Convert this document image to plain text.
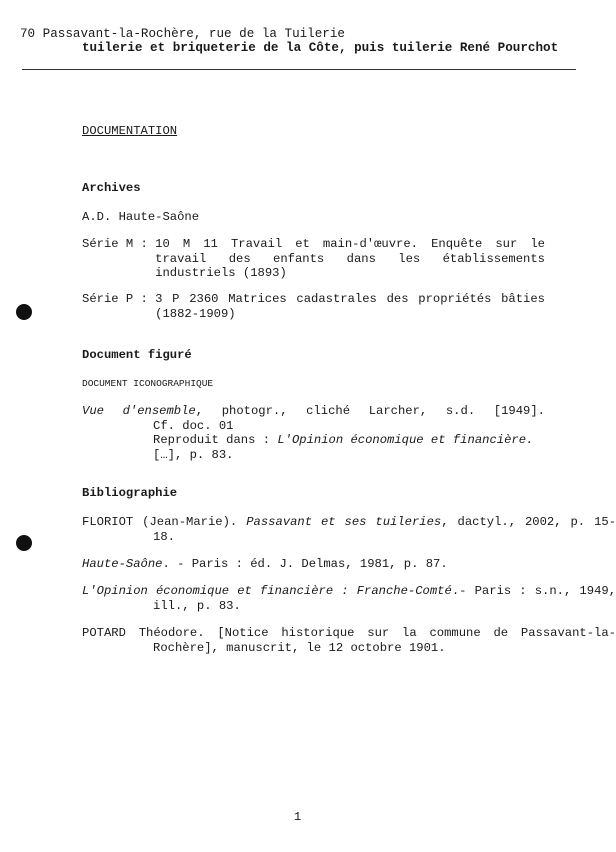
70 Passavant-la-Rochère, rue de la Tuilerie
tuilerie et briqueterie de la Côte, puis tuilerie René Pourchot
DOCUMENTATION
Archives
A.D. Haute-Saône
Série M : 10 M 11 Travail et main-d'œuvre. Enquête sur le travail des enfants dans les établissements industriels (1893)
Série P : 3 P 2360 Matrices cadastrales des propriétés bâties (1882-1909)
Document figuré
DOCUMENT ICONOGRAPHIQUE
Vue d'ensemble, photogr., cliché Larcher, s.d. [1949].
Cf. doc. 01
Reproduit dans : L'Opinion économique et financière.
[…], p. 83.
Bibliographie
FLORIOT (Jean-Marie). Passavant et ses tuileries, dactyl., 2002, p. 15-18.
Haute-Saône. - Paris : éd. J. Delmas, 1981, p. 87.
L'Opinion économique et financière : Franche-Comté.- Paris : s.n., 1949, ill., p. 83.
POTARD Théodore. [Notice historique sur la commune de Passavant-la-Rochère], manuscrit, le 12 octobre 1901.
1
